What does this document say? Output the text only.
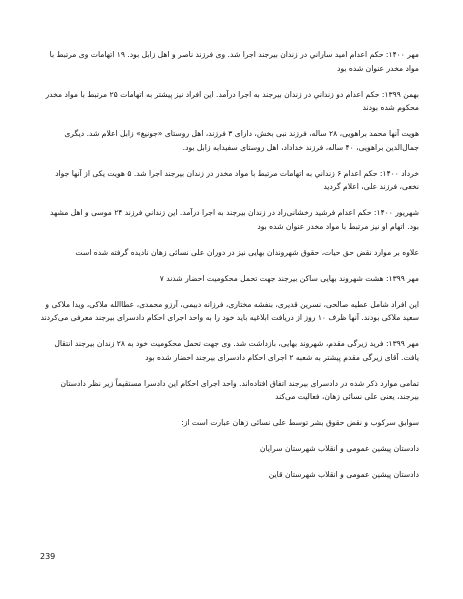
مهر ۱۴۰۰: حکم اعدام امید ساراني در زندان بیرجند اجرا شد. وی فرزند ناصر و اهل زابل بود. ۱۹ اتهامات وی مرتبط با مواد مخدر عنوان شده بود

بهمن ۱۳۹۹: حکم اعدام دو زنداني در زندان بیرجند به اجرا درآمد. این افراد نیز پیشتر به اتهامات ۲۵ مرتبط با مواد مخدر محکوم شده بودند

هویت آنها محمد براهویی، ۲۸ ساله، فرزند نبی بخش، دارای ۳ فرزند، اهل روستای «جونیغ» زابل اعلام شد. دیگری جمال‌الدین براهویی، ۴۰ ساله، فرزند خداداد، اهل روستای سفیدابه زابل بود.

خرداد ۱۴۰۰: حکم اعدام ۶ زنداني به اتهامات مرتبط با مواد مخدر در زندان بیرجند اجرا شد. ۵ هویت یکی از آنها جواد نخعی، فرزند علی، اعلام گردید

شهریور ۱۴۰۰: حکم اعدام فرشید رخشانی‌راد در زندان بیرجند به اجرا درآمد. این زنداني فرزند ۲۴ موسی و اهل مشهد بود. اتهام او نیز مرتبط با مواد مخدر عنوان شده بود

علاوه بر موارد نقض حق حیات، حقوق شهروندان بهایی نیز در دوران علی نسائی زهان نادیده گرفته شده است

مهر ۱۳۹۹: هشت شهروند بهایی ساکن بیرجند جهت تحمل محکومیت احضار شدند ۷

این افراد شامل عطیه صالحی، نسرین قدیری، بنفشه مختاری، فرزانه دبیمی، آرزو محمدی، عطاالله ملاکی، ویدا ملاکی و سعید ملاکی بودند. آنها ظرف ۱۰ روز از دریافت ابلاغیه باید خود را به واحد اجرای احکام دادسرای بیرجند معرفی می‌کردند

مهر ۱۳۹۹: فرید زیرگی مقدم، شهروند بهایی، بازداشت شد. وی جهت تحمل محکومیت خود به ۲۸ زندان بیرجند انتقال یافت. آقای زیرگی مقدم پیشتر به شعبه ۲ اجرای احکام دادسرای بیرجند احضار شده بود

تمامی موارد ذکر شده در دادسرای بیرجند اتفاق افتاده‌اند. واحد اجرای احکام این دادسرا مستقیماً زیر نظر دادستان بیرجند، یعنی علی نسائی زهان، فعالیت می‌کند

سوابق سرکوب و نقض حقوق بشر توسط علی نسائی زهان عبارت است از:

دادستان پیشین عمومی و انقلاب شهرستان سرایان

دادستان پیشین عمومی و انقلاب شهرستان قاین

239
